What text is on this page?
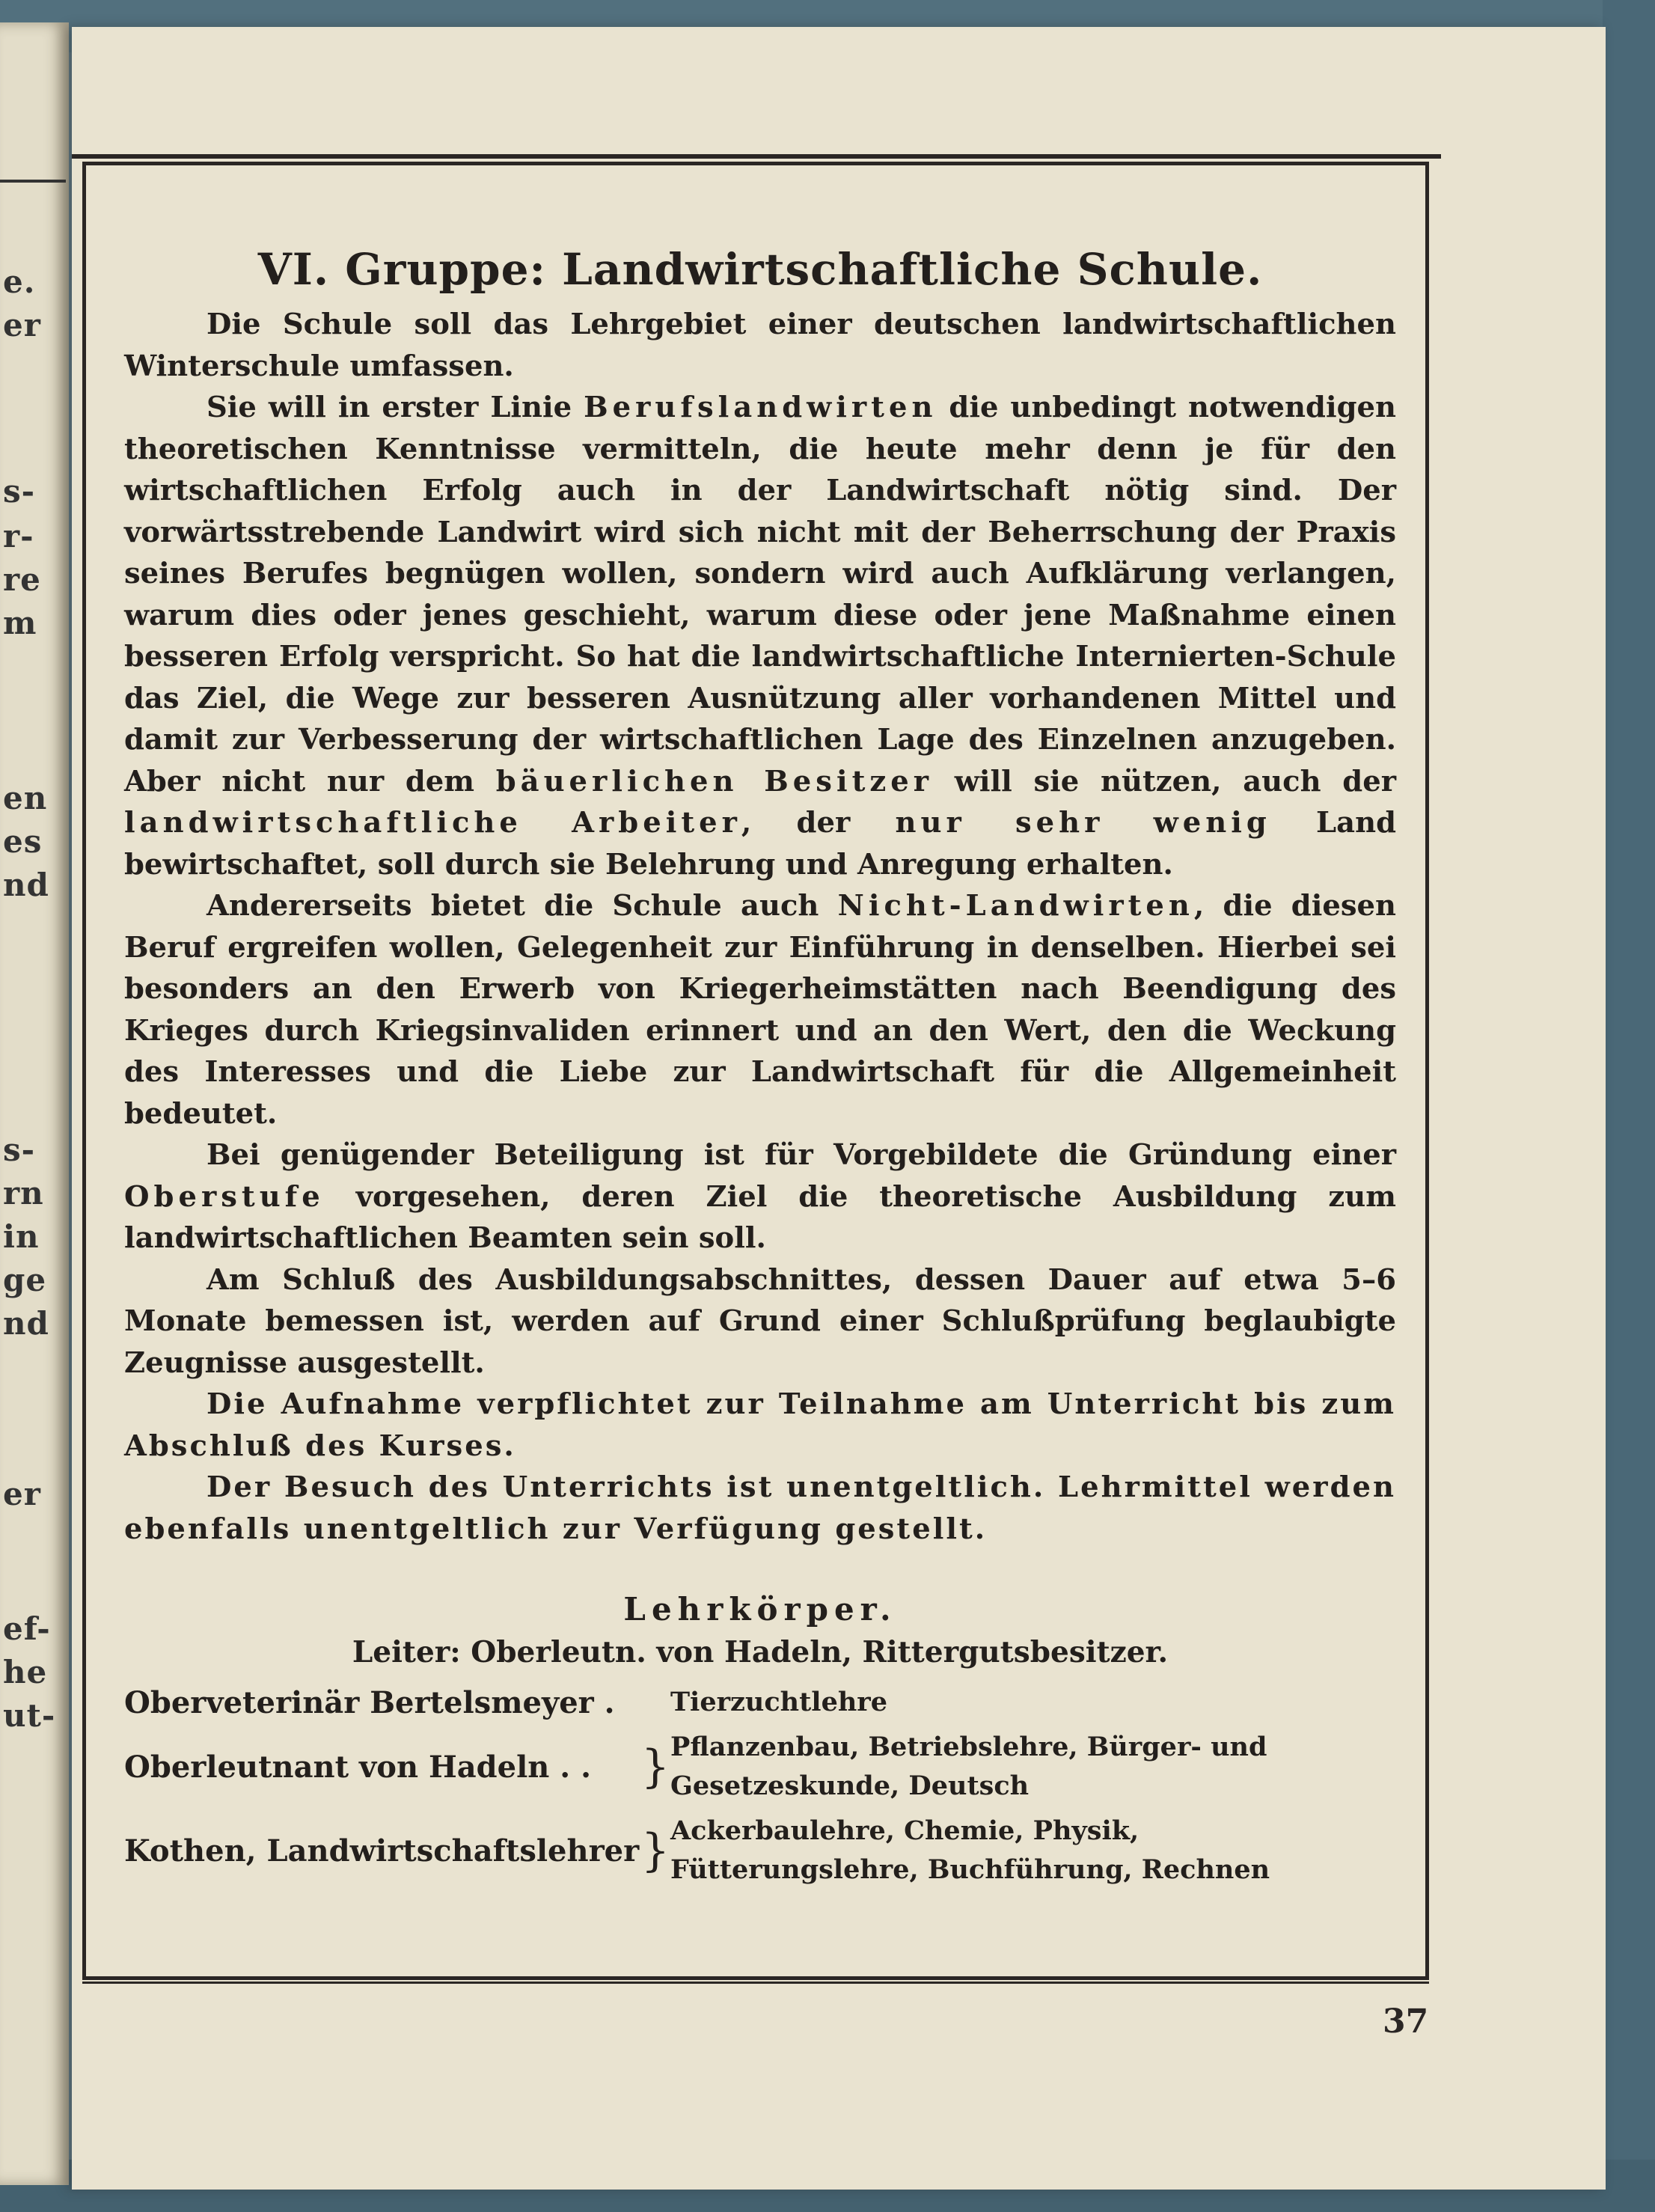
e.
er
s-
r-
re
m
en
es
nd
s-
rn
in
ge
nd
er
ef-
he
ut-
VI. Gruppe: Landwirtschaftliche Schule.

Die Schule soll das Lehrgebiet einer deutschen landwirtschaftlichen Winterschule umfassen.

Sie will in erster Linie Berufslandwirten die unbedingt notwendigen theoretischen Kenntnisse vermitteln, die heute mehr denn je für den wirtschaftlichen Erfolg auch in der Landwirtschaft nötig sind. Der vorwärtsstrebende Landwirt wird sich nicht mit der Beherrschung der Praxis seines Berufes begnügen wollen, sondern wird auch Aufklärung verlangen, warum dies oder jenes geschieht, warum diese oder jene Maßnahme einen besseren Erfolg verspricht. So hat die landwirtschaftliche Internierten-Schule das Ziel, die Wege zur besseren Ausnützung aller vorhandenen Mittel und damit zur Verbesserung der wirtschaftlichen Lage des Einzelnen anzugeben. Aber nicht nur dem bäuerlichen Besitzer will sie nützen, auch der landwirtschaftliche Arbeiter, der nur sehr wenig Land bewirtschaftet, soll durch sie Belehrung und Anregung erhalten.

Andererseits bietet die Schule auch Nicht-Landwirten, die diesen Beruf ergreifen wollen, Gelegenheit zur Einführung in denselben. Hierbei sei besonders an den Erwerb von Kriegerheimstätten nach Beendigung des Krieges durch Kriegsinvaliden erinnert und an den Wert, den die Weckung des Interesses und die Liebe zur Landwirtschaft für die Allgemeinheit bedeutet.

Bei genügender Beteiligung ist für Vorgebildete die Gründung einer Oberstufe vorgesehen, deren Ziel die theoretische Ausbildung zum landwirtschaftlichen Beamten sein soll.

Am Schluß des Ausbildungsabschnittes, dessen Dauer auf etwa 5–6 Monate bemessen ist, werden auf Grund einer Schlußprüfung beglaubigte Zeugnisse ausgestellt.

Die Aufnahme verpflichtet zur Teilnahme am Unterricht bis zum Abschluß des Kurses.

Der Besuch des Unterrichts ist unentgeltlich. Lehrmittel werden ebenfalls unentgeltlich zur Verfügung gestellt.

Lehrkörper.
Leiter: Oberleutn. von Hadeln, Rittergutsbesitzer.
Oberveterinär Bertelsmeyer .		Tierzuchtlehre
Oberleutnant von Hadeln . .	}	Pflanzenbau, Betriebslehre, Bürger- und Gesetzeskunde, Deutsch
Kothen, Landwirtschaftslehrer	}	Ackerbaulehre, Chemie, Physik, Fütterungslehre, Buchführung, Rechnen
37
